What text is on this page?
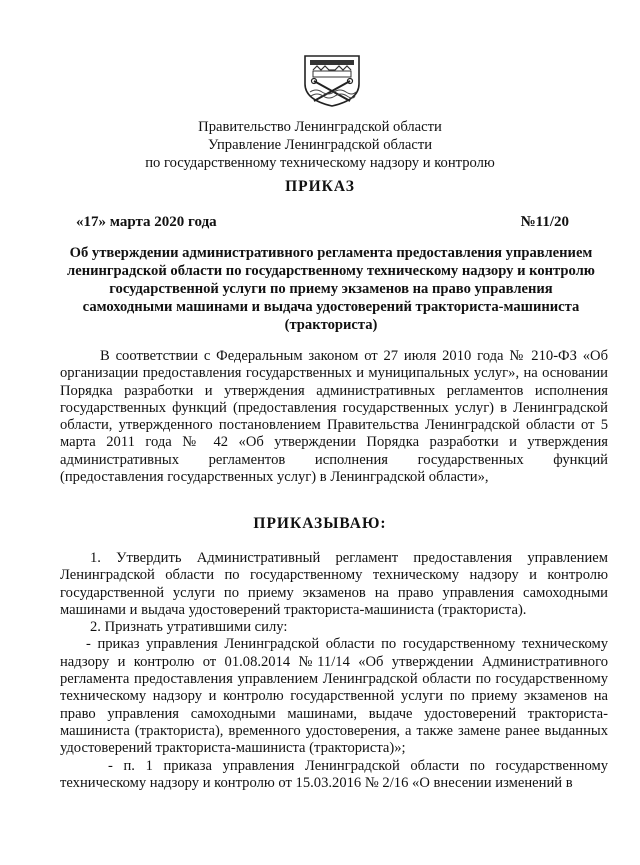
Правительство Ленинградской области
Управление Ленинградской области
по государственному техническому надзору и контролю
ПРИКАЗ
«17» марта 2020 года	№11/20
Об утверждении административного регламента предоставления управлением ленинградской области по государственному техническому надзору и контролю государственной услуги по приему экзаменов на право управления самоходными машинами и выдача удостоверений тракториста-машиниста (тракториста)

В соответствии с Федеральным законом от 27 июля 2010 года № 210-ФЗ «Об организации предоставления государственных и муниципальных услуг», на основании Порядка разработки и утверждения административных регламентов исполнения государственных функций (предоставления государственных услуг) в Ленинградской области, утвержденного постановлением Правительства Ленинградской области от 5 марта 2011 года № 42 «Об утверждении Порядка разработки и утверждения административных регламентов исполнения государственных функций (предоставления государственных услуг) в Ленинградской области»,

ПРИКАЗЫВАЮ:

1. Утвердить Административный регламент предоставления управлением Ленинградской области по государственному техническому надзору и контролю государственной услуги по приему экзаменов на право управления самоходными машинами и выдача удостоверений тракториста-машиниста (тракториста).

2. Признать утратившими силу:

- приказ управления Ленинградской области по государственному техническому надзору и контролю от 01.08.2014 №11/14 «Об утверждении Административного регламента предоставления управлением Ленинградской области по государственному техническому надзору и контролю государственной услуги по приему экзаменов на право управления самоходными машинами, выдаче удостоверений тракториста-машиниста (тракториста), временного удостоверения, а также замене ранее выданных удостоверений тракториста-машиниста (тракториста)»;

- п. 1 приказа управления Ленинградской области по государственному техническому надзору и контролю от 15.03.2016 № 2/16 «О внесении изменений в
